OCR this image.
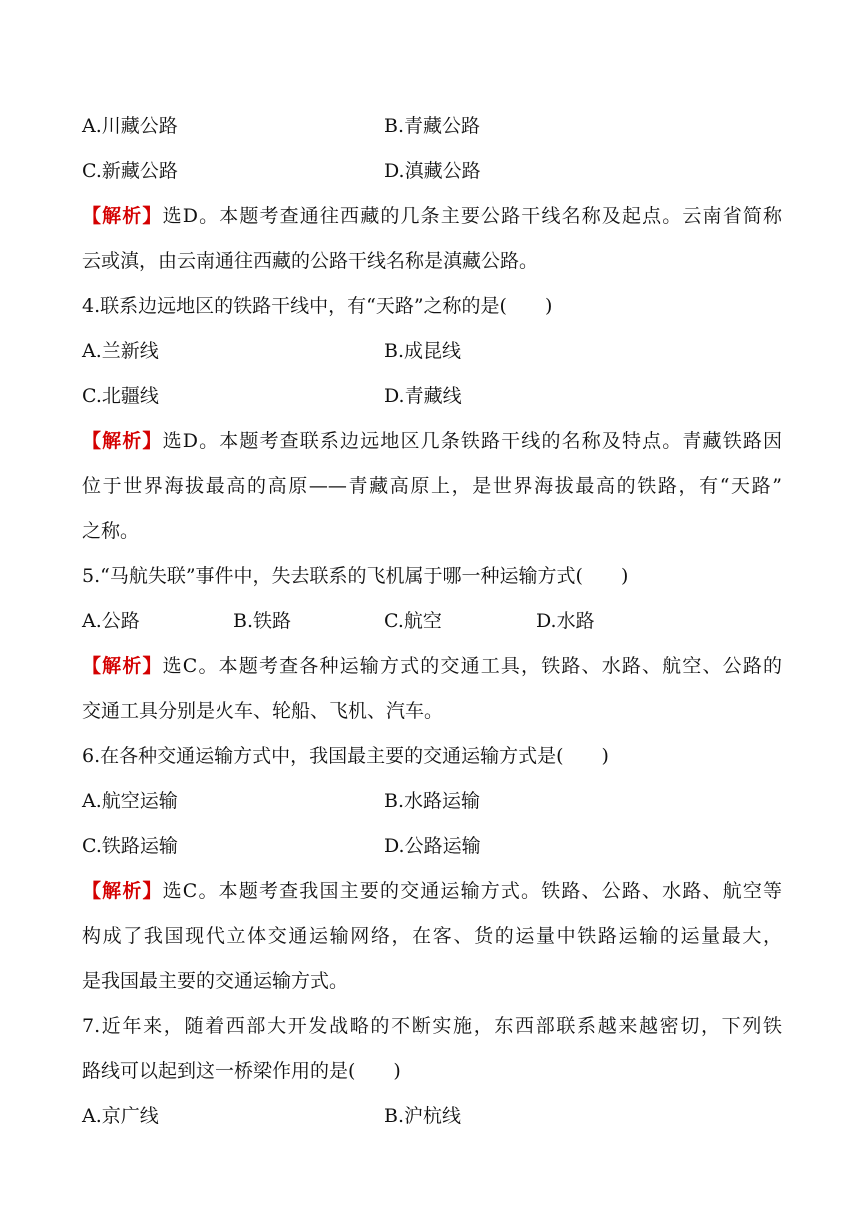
A.川藏公路	B.青藏公路
C.新藏公路	D.滇藏公路
【解析】选D。本题考查通往西藏的几条主要公路干线名称及起点。云南省简称
云或滇，由云南通往西藏的公路干线名称是滇藏公路。
4.联系边远地区的铁路干线中，有“天路”之称的是(　　)
A.兰新线	B.成昆线
C.北疆线	D.青藏线
【解析】选D。本题考查联系边远地区几条铁路干线的名称及特点。青藏铁路因
位于世界海拔最高的高原——青藏高原上，是世界海拔最高的铁路，有“天路”
之称。
5.“马航失联”事件中，失去联系的飞机属于哪一种运输方式(　　)
A.公路	B.铁路	C.航空	D.水路
【解析】选C。本题考查各种运输方式的交通工具，铁路、水路、航空、公路的
交通工具分别是火车、轮船、飞机、汽车。
6.在各种交通运输方式中，我国最主要的交通运输方式是(　　)
A.航空运输	B.水路运输
C.铁路运输	D.公路运输
【解析】选C。本题考查我国主要的交通运输方式。铁路、公路、水路、航空等
构成了我国现代立体交通运输网络，在客、货的运量中铁路运输的运量最大，
是我国最主要的交通运输方式。
7.近年来，随着西部大开发战略的不断实施，东西部联系越来越密切，下列铁
路线可以起到这一桥梁作用的是(　　)
A.京广线	B.沪杭线
